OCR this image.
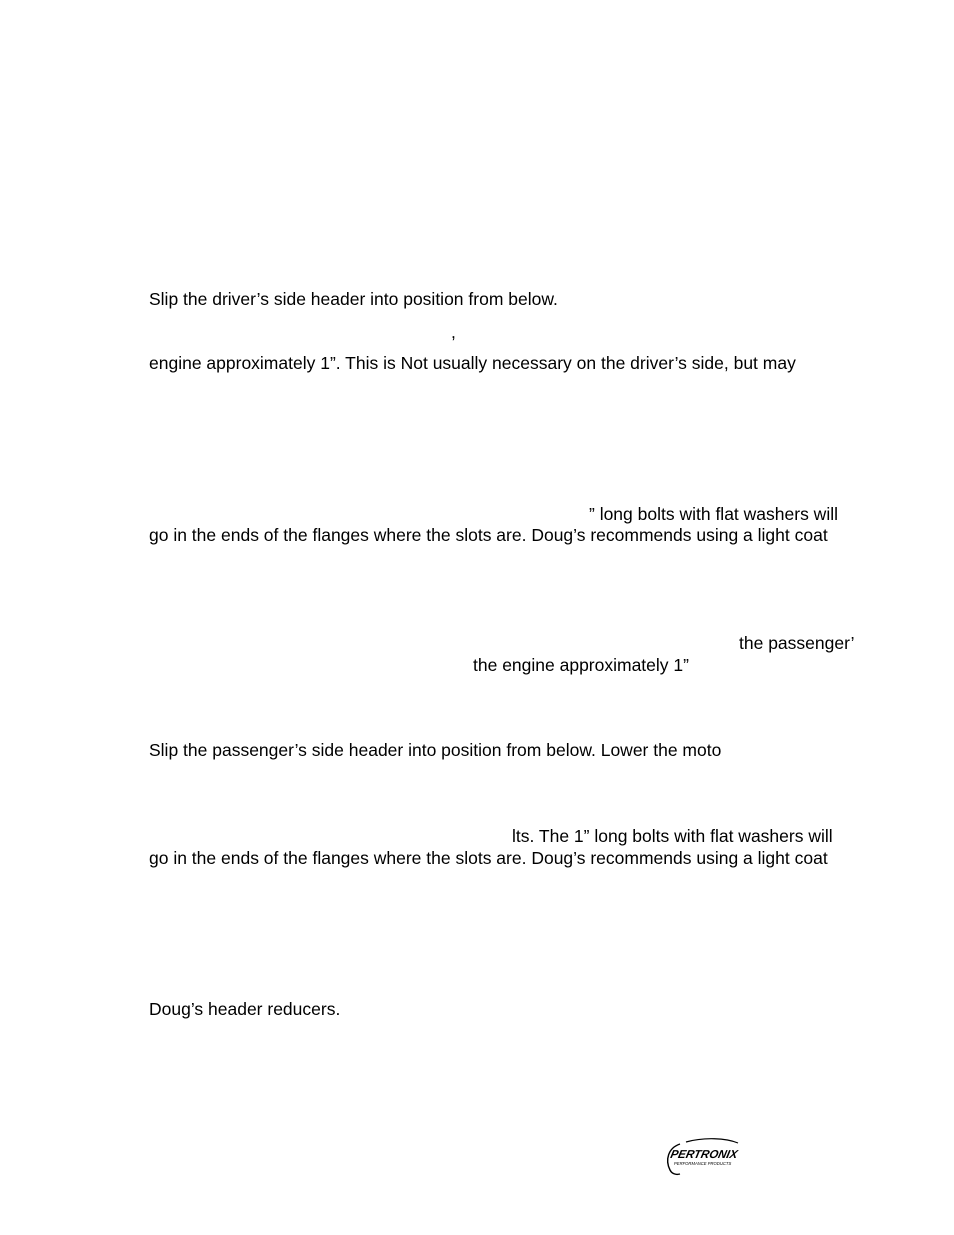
Slip the driver’s side header into position from below.
,
engine approximately 1”. This is Not usually necessary on the driver’s side, but may
” long bolts with flat washers will
go in the ends of the flanges where the slots are. Doug’s recommends using a light coat
the passenger’
the engine approximately 1”
Slip the passenger’s side header into position from below. Lower the moto
lts. The 1” long bolts with flat washers will
go in the ends of the flanges where the slots are. Doug’s recommends using a light coat
Doug’s header reducers.
PERTRONIX
PERFORMANCE PRODUCTS
